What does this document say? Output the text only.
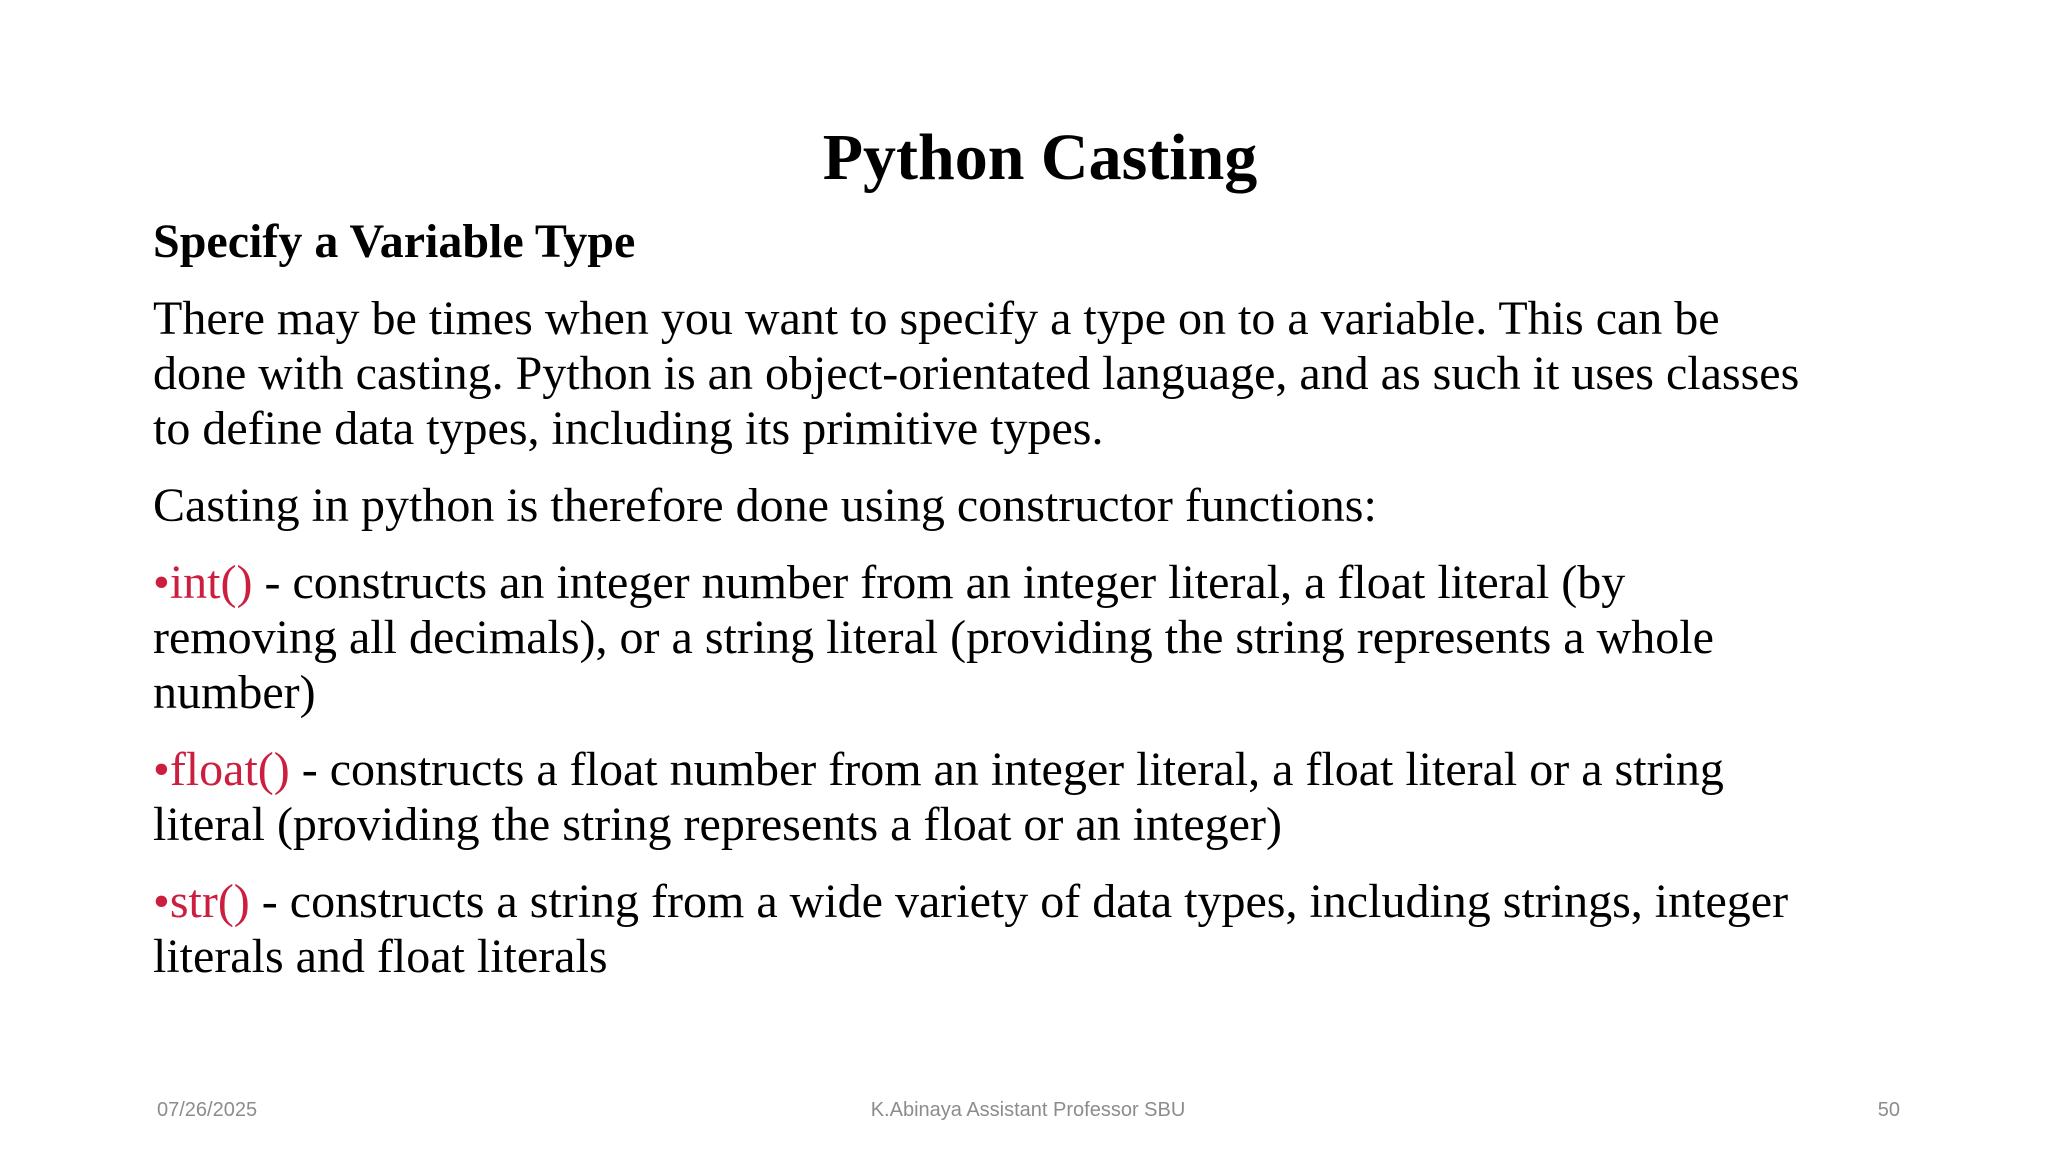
Python Casting
Specify a Variable Type
There may be times when you want to specify a type on to a variable. This can be
done with casting. Python is an object-orientated language, and as such it uses classes
to define data types, including its primitive types.
Casting in python is therefore done using constructor functions:
•int() - constructs an integer number from an integer literal, a float literal (by
removing all decimals), or a string literal (providing the string represents a whole
number)
•float() - constructs a float number from an integer literal, a float literal or a string
literal (providing the string represents a float or an integer)
•str() - constructs a string from a wide variety of data types, including strings, integer
literals and float literals
07/26/2025	K.Abinaya Assistant Professor SBU	50
